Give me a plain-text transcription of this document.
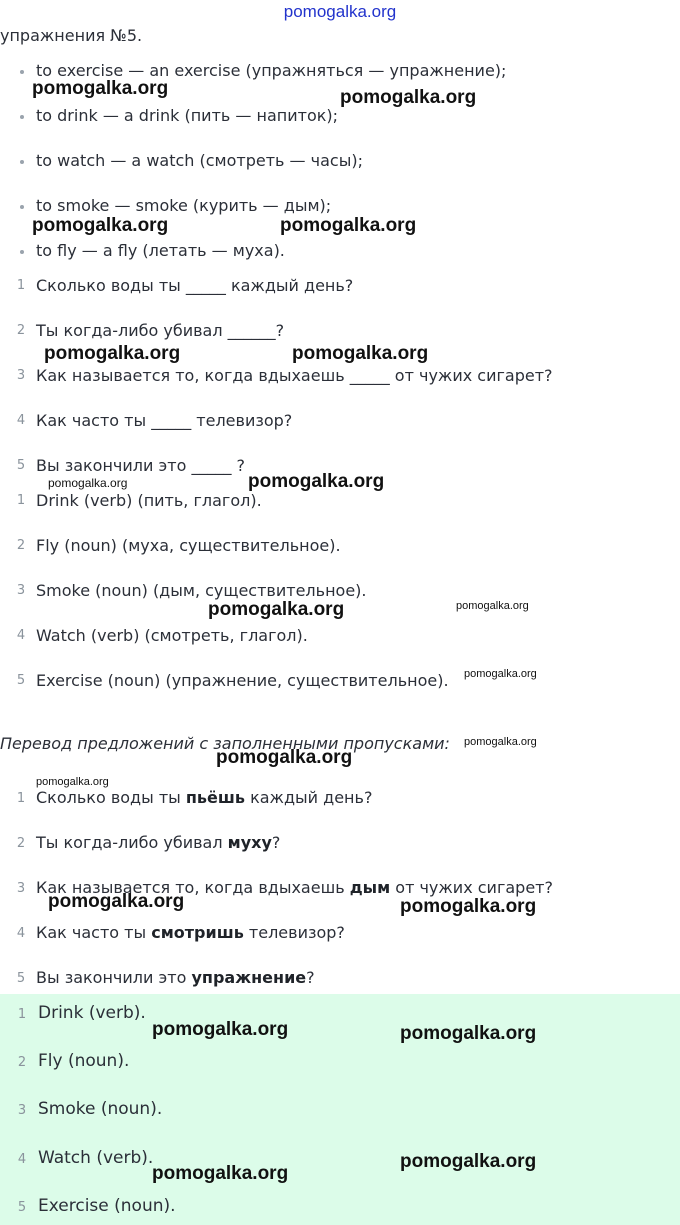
pomogalka.org
упражнения №5.
to exercise — an exercise (упражняться — упражнение);
to drink — a drink (пить — напиток);
to watch — a watch (смотреть — часы);
to smoke — smoke (курить — дым);
to fly — a fly (летать — муха).
1 Сколько воды ты _____ каждый день?
2 Ты когда-либо убивал ______?
3 Как называется то, когда вдыхаешь _____ от чужих сигарет?
4 Как часто ты _____ телевизор?
5 Вы закончили это _____ ?
1 Drink (verb) (пить, глагол).
2 Fly (noun) (муха, существительное).
3 Smoke (noun) (дым, существительное).
4 Watch (verb) (смотреть, глагол).
5 Exercise (noun) (упражнение, существительное).
Перевод предложений с заполненными пропусками:
1 Сколько воды ты пьёшь каждый день?
2 Ты когда-либо убивал муху?
3 Как называется то, когда вдыхаешь дым от чужих сигарет?
4 Как часто ты смотришь телевизор?
5 Вы закончили это упражнение?
1 Drink (verb).
2 Fly (noun).
3 Smoke (noun).
4 Watch (verb).
5 Exercise (noun).
pomogalka.org	pomogalka.org
pomogalka.org	pomogalka.org
pomogalka.org	pomogalka.org
pomogalka.org	pomogalka.org
pomogalka.org	pomogalka.org
pomogalka.org
pomogalka.org
pomogalka.org
pomogalka.org
pomogalka.org	pomogalka.org
pomogalka.org	pomogalka.org
pomogalka.org
pomogalka.org
